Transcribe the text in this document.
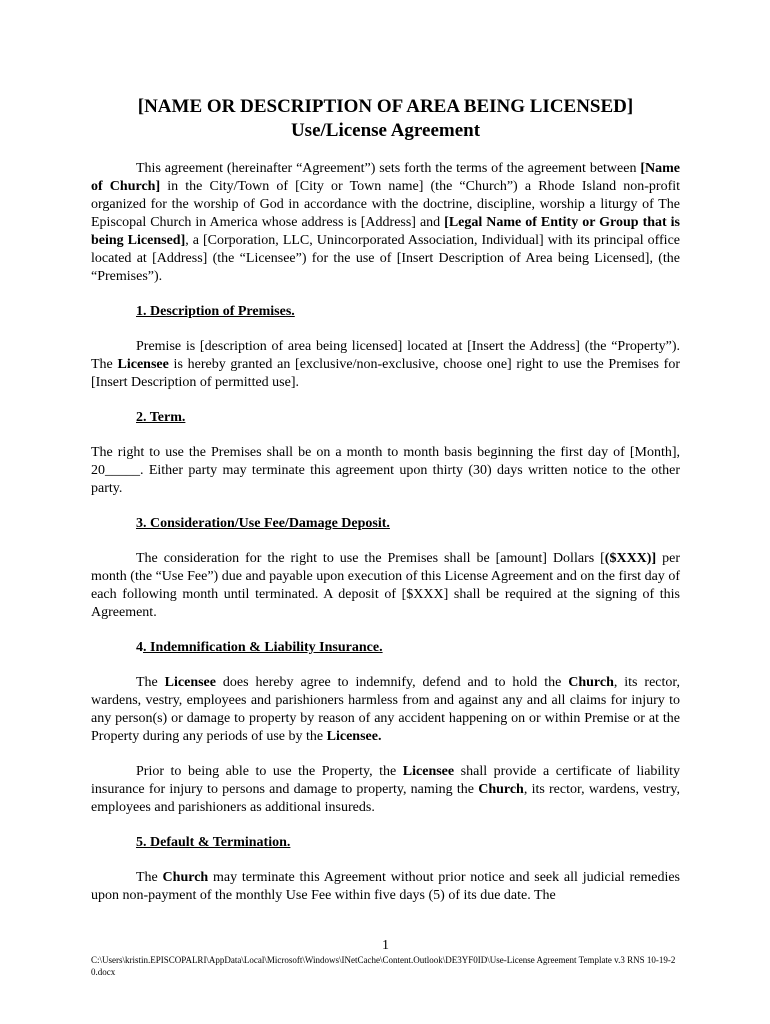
[NAME OR DESCRIPTION OF AREA BEING LICENSED]

Use/License Agreement

This agreement (hereinafter “Agreement”) sets forth the terms of the agreement between [Name of Church] in the City/Town of [City or Town name] (the “Church”) a Rhode Island non-profit organized for the worship of God in accordance with the doctrine, discipline, worship a liturgy of The Episcopal Church in America whose address is [Address] and [Legal Name of Entity or Group that is being Licensed], a [Corporation, LLC, Unincorporated Association, Individual] with its principal office located at [Address] (the “Licensee”) for the use of [Insert Description of Area being Licensed], (the “Premises”).

1. Description of Premises.

Premise is [description of area being licensed] located at [Insert the Address] (the “Property”). The Licensee is hereby granted an [exclusive/non-exclusive, choose one] right to use the Premises for [Insert Description of permitted use].

2. Term.

The right to use the Premises shall be on a month to month basis beginning the first day of [Month], 20_____. Either party may terminate this agreement upon thirty (30) days written notice to the other party.

3. Consideration/Use Fee/Damage Deposit.

The consideration for the right to use the Premises shall be [amount] Dollars [($XXX)] per month (the “Use Fee”) due and payable upon execution of this License Agreement and on the first day of each following month until terminated. A deposit of [$XXX] shall be required at the signing of this Agreement.

4. Indemnification & Liability Insurance.

The Licensee does hereby agree to indemnify, defend and to hold the Church, its rector, wardens, vestry, employees and parishioners harmless from and against any and all claims for injury to any person(s) or damage to property by reason of any accident happening on or within Premise or at the Property during any periods of use by the Licensee.

Prior to being able to use the Property, the Licensee shall provide a certificate of liability insurance for injury to persons and damage to property, naming the Church, its rector, wardens, vestry, employees and parishioners as additional insureds.

5. Default & Termination.

The Church may terminate this Agreement without prior notice and seek all judicial remedies upon non-payment of the monthly Use Fee within five days (5) of its due date. The

1

C:\Users\kristin.EPISCOPALRI\AppData\Local\Microsoft\Windows\INetCache\Content.Outlook\DE3YF0ID\Use-License Agreement Template v.3 RNS 10-19-20.docx
